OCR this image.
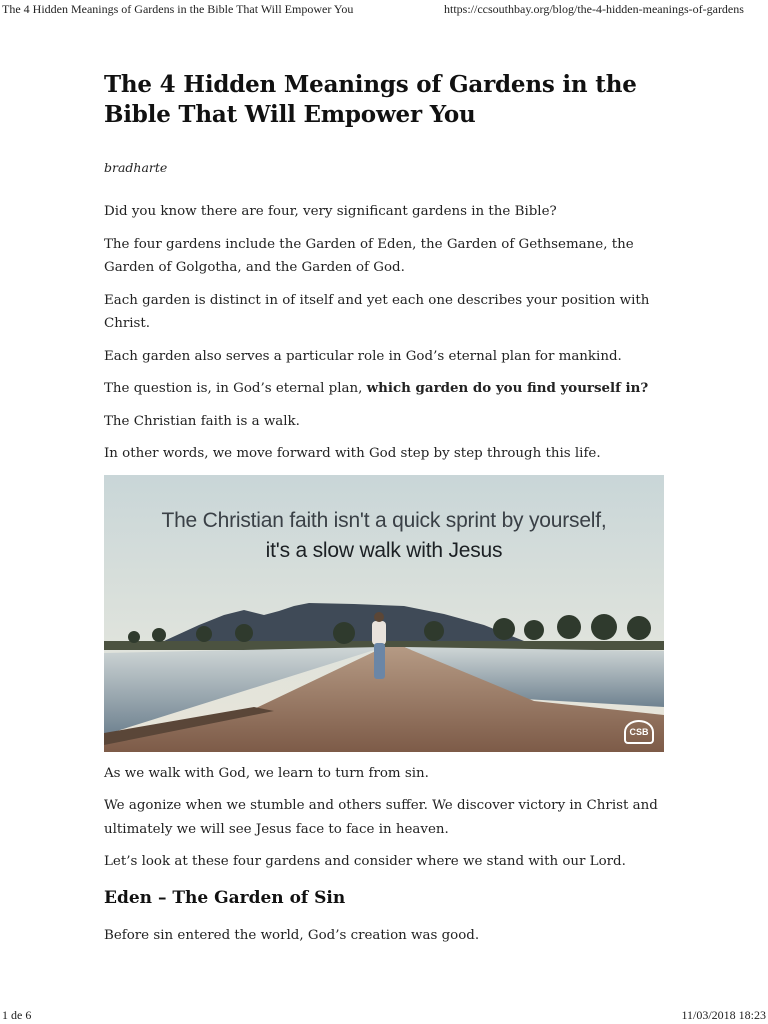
The 4 Hidden Meanings of Gardens in the Bible That Will Empower You	https://ccsouthbay.org/blog/the-4-hidden-meanings-of-gardens
The 4 Hidden Meanings of Gardens in the Bible That Will Empower You
bradharte

Did you know there are four, very significant gardens in the Bible?

The four gardens include the Garden of Eden, the Garden of Gethsemane, the Garden of Golgotha, and the Garden of God.

Each garden is distinct in of itself and yet each one describes your position with Christ.

Each garden also serves a particular role in God’s eternal plan for mankind.

The question is, in God’s eternal plan, which garden do you find yourself in?

The Christian faith is a walk.

In other words, we move forward with God step by step through this life.

The Christian faith isn't a quick sprint by yourself,
it's a slow walk with Jesus
CSB

As we walk with God, we learn to turn from sin.

We agonize when we stumble and others suffer. We discover victory in Christ and ultimately we will see Jesus face to face in heaven.

Let’s look at these four gardens and consider where we stand with our Lord.

Eden – The Garden of Sin

Before sin entered the world, God’s creation was good.

1 de 6	11/03/2018 18:23
